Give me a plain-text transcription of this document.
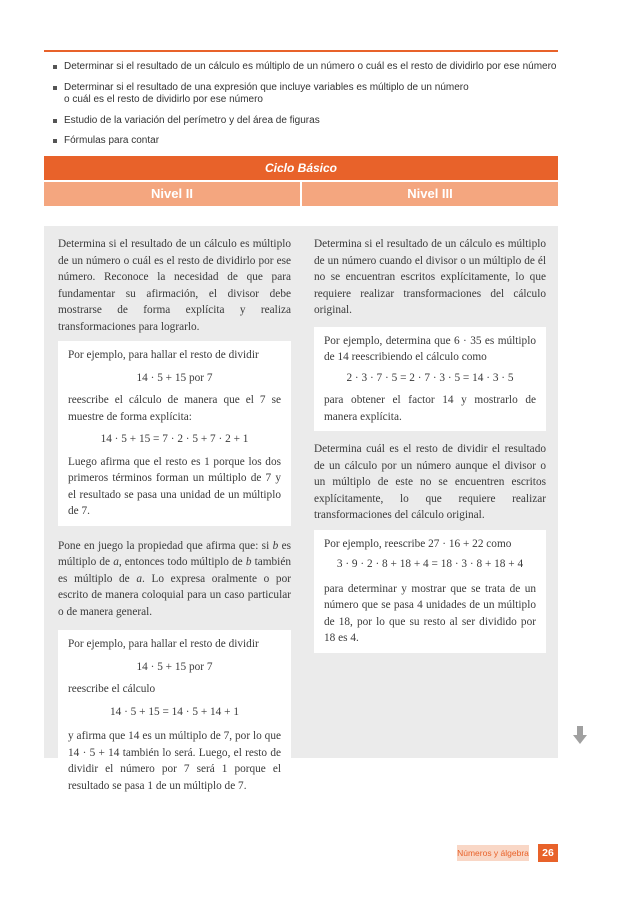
Determinar si el resultado de un cálculo es múltiplo de un número o cuál es el resto de dividirlo por ese número
Determinar si el resultado de una expresión que incluye variables es múltiplo de un número
o cuál es el resto de dividirlo por ese número
Estudio de la variación del perímetro y del área de figuras
Fórmulas para contar
Ciclo Básico
Nivel II	Nivel III

Determina si el resultado de un cálculo es múltiplo de un número o cuál es el resto de dividirlo por ese número. Reconoce la necesidad de que para fundamentar su afirmación, el divisor debe mostrarse de forma explícita y realiza transformaciones para lograrlo.

Por ejemplo, para hallar el resto de dividir

14 · 5 + 15 por 7

reescribe el cálculo de manera que el 7 se muestre de forma explícita:

14 · 5 + 15 = 7 · 2 · 5 + 7 · 2 + 1

Luego afirma que el resto es 1 porque los dos primeros términos forman un múltiplo de 7 y el resultado se pasa una unidad de un múltiplo de 7.

Pone en juego la propiedad que afirma que: si b es múltiplo de a, entonces todo múltiplo de b también es múltiplo de a. Lo expresa oralmente o por escrito de manera coloquial para un caso particular o de manera general.

Por ejemplo, para hallar el resto de dividir

14 · 5 + 15 por 7

reescribe el cálculo

14 · 5 + 15 = 14 · 5 + 14 + 1

y afirma que 14 es un múltiplo de 7, por lo que 14 · 5 + 14 también lo será. Luego, el resto de dividir el número por 7 será 1 porque el resultado se pasa 1 de un múltiplo de 7.

Determina si el resultado de un cálculo es múltiplo de un número cuando el divisor o un múltiplo de él no se encuentran escritos explícitamente, lo que requiere realizar transformaciones del cálculo original.

Por ejemplo, determina que 6 · 35 es múltiplo de 14 reescribiendo el cálculo como

2 · 3 · 7 · 5 = 2 · 7 · 3 · 5 = 14 · 3 · 5

para obtener el factor 14 y mostrarlo de manera explícita.

Determina cuál es el resto de dividir el resultado de un cálculo por un número aunque el divisor o un múltiplo de este no se encuentren escritos explícitamente, lo que requiere realizar transformaciones del cálculo original.

Por ejemplo, reescribe 27 · 16 + 22 como

3 · 9 · 2 · 8 + 18 + 4 = 18 · 3 · 8 + 18 + 4

para determinar y mostrar que se trata de un número que se pasa 4 unidades de un múltiplo de 18, por lo que su resto al ser dividido por 18 es 4.

Números y álgebra	26
